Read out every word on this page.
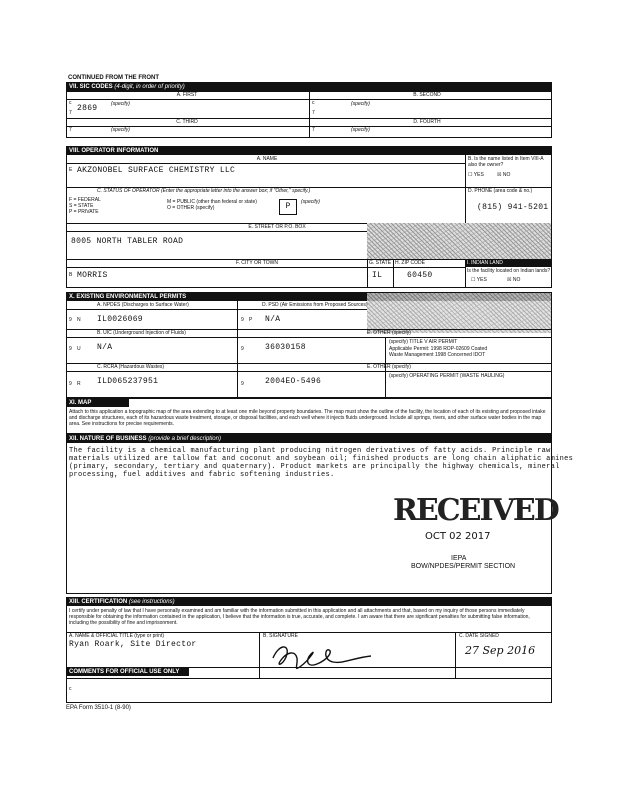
CONTINUED FROM THE FRONT
VII. SIC CODES (4-digit, in order of priority)
A. FIRST	B. SECOND
c
7 2869	(specify)	c
7
(specify)
C. THIRD	D. FOURTH
7	(specify)	7	(specify)
VIII. OPERATOR INFORMATION
A. NAME
E AKZONOBEL SURFACE CHEMISTRY LLC
B. Is the name listed in Item VIII-A also the owner?
☐ YES	☒ NO
C. STATUS OF OPERATOR (Enter the appropriate letter into the answer box; if "Other," specify.)
F = FEDERAL
S = STATE
P = PRIVATE
M = PUBLIC (other than federal or state)
O = OTHER (specify)	P	(specify)
D. PHONE (area code & no.)
(815) 941-5201
E. STREET OR P.O. BOX
8005 NORTH TABLER ROAD
F. CITY OR TOWN	G. STATE H. ZIP CODE	I. INDIAN LAND
B MORRIS	IL	60450	Is the facility located on Indian lands?
☐ YES	☒ NO
X. EXISTING ENVIRONMENTAL PERMITS
A. NPDES (Discharges to Surface Water)	D. PSD (Air Emissions from Proposed Sources)
9 N IL0026069	9 P N/A
B. UIC (Underground Injection of Fluids)	E. OTHER (specify)
9 U N/A	9	36030158
(specify) TITLE V AIR PERMIT
Applicable Permit: 1998 ROP-02609 Coated
Waste Management 1998 Concerned IDOT
C. RCRA (Hazardous Wastes)	E. OTHER (specify)
9 R ILD065237951	9	2004EO-5496
(specify) OPERATING PERMIT (WASTE HAULING)
XI. MAP
Attach to this application a topographic map of the area extending to at least one mile beyond property boundaries. The map must show the outline of the facility, the location of each of its existing and proposed intake and discharge structures, each of its hazardous waste treatment, storage, or disposal facilities, and each well where it injects fluids underground. Include all springs, rivers, and other surface water bodies in the map area. See instructions for precise requirements.
XII. NATURE OF BUSINESS (provide a brief description)
The facility is a chemical manufacturing plant producing nitrogen derivatives of fatty acids. Principle raw
materials utilized are tallow fat and coconut and soybean oil; finished products are long chain aliphatic amines
(primary, secondary, tertiary and quaternary). Product markets are principally the highway chemicals, mineral
processing, fuel additives and fabric softening industries.
RECEIVED
OCT 02 2017
IEPA
BOW/NPDES/PERMIT SECTION
XIII. CERTIFICATION (see instructions)
I certify under penalty of law that I have personally examined and am familiar with the information submitted in this application and all attachments and that, based on my inquiry of those persons immediately responsible for obtaining the information contained in the application, I believe that the information is true, accurate, and complete. I am aware that there are significant penalties for submitting false information, including the possibility of fine and imprisonment.
A. NAME & OFFICIAL TITLE (type or print)
Ryan Roark, Site Director
B. SIGNATURE	C. DATE SIGNED
27 Sep 2016
COMMENTS FOR OFFICIAL USE ONLY
c
EPA Form 3510-1 (8-90)
